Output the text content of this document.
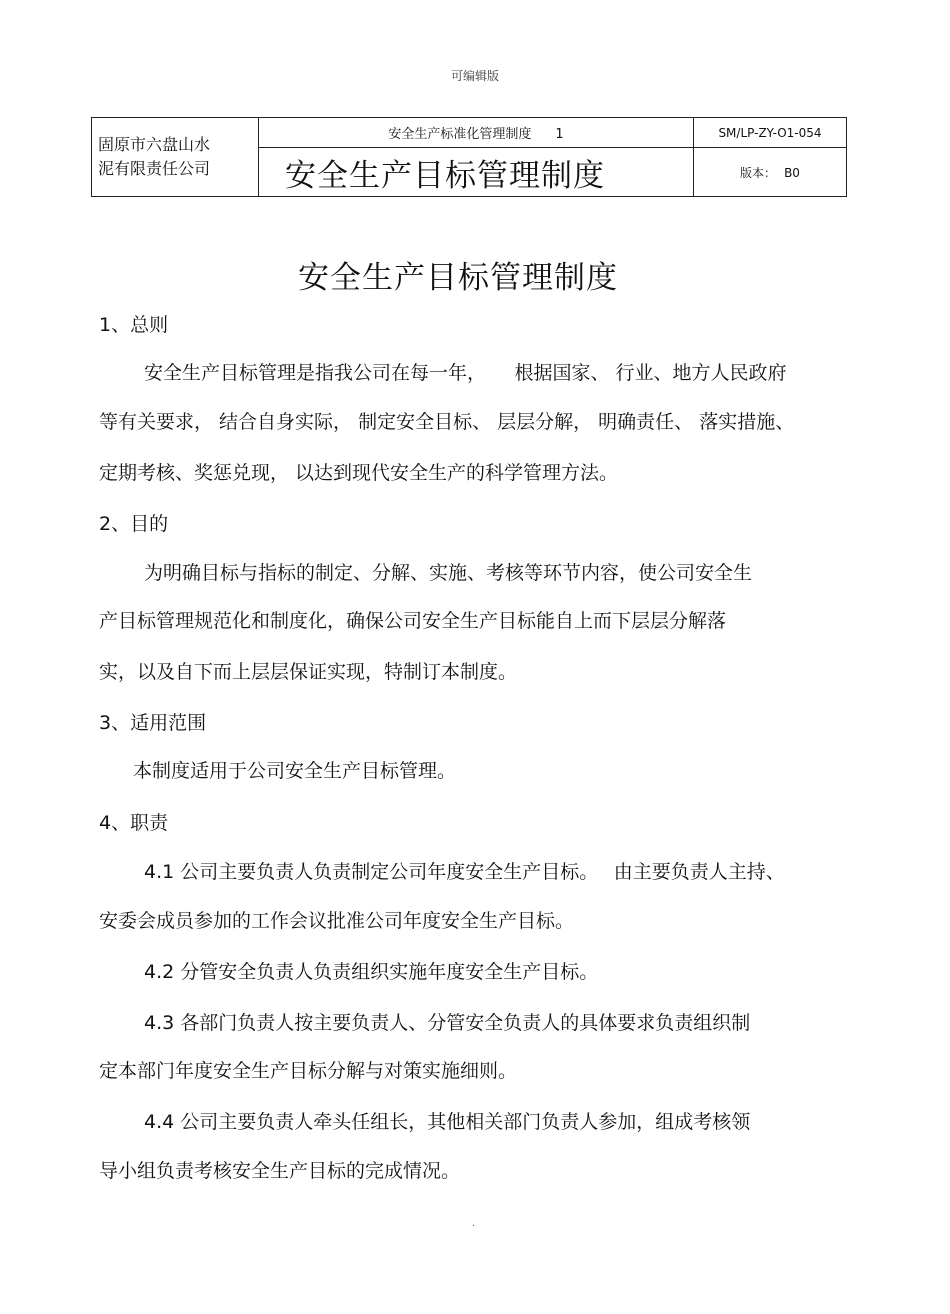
可编辑版
固原市六盘山水
泥有限责任公司	安全生产标准化管理制度 1	SM/LP-ZY-O1-054
	安全生产目标管理制度	版本： B0
安全生产目标管理制度
1、总则
安全生产目标管理是指我公司在每一年，　　根据国家、 行业、地方人民政府
等有关要求， 结合自身实际， 制定安全目标、 层层分解， 明确责任、 落实措施、
定期考核、奖惩兑现， 以达到现代安全生产的科学管理方法。
2、目的
为明确目标与指标的制定、分解、实施、考核等环节内容，使公司安全生
产目标管理规范化和制度化，确保公司安全生产目标能自上而下层层分解落
实，以及自下而上层层保证实现，特制订本制度。
3、适用范围
本制度适用于公司安全生产目标管理。
4、职责
4.1 公司主要负责人负责制定公司年度安全生产目标。　 由主要负责人主持、
安委会成员参加的工作会议批准公司年度安全生产目标。
4.2 分管安全负责人负责组织实施年度安全生产目标。
4.3 各部门负责人按主要负责人、分管安全负责人的具体要求负责组织制
定本部门年度安全生产目标分解与对策实施细则。
4.4 公司主要负责人牵头任组长，其他相关部门负责人参加，组成考核领
导小组负责考核安全生产目标的完成情况。
.
